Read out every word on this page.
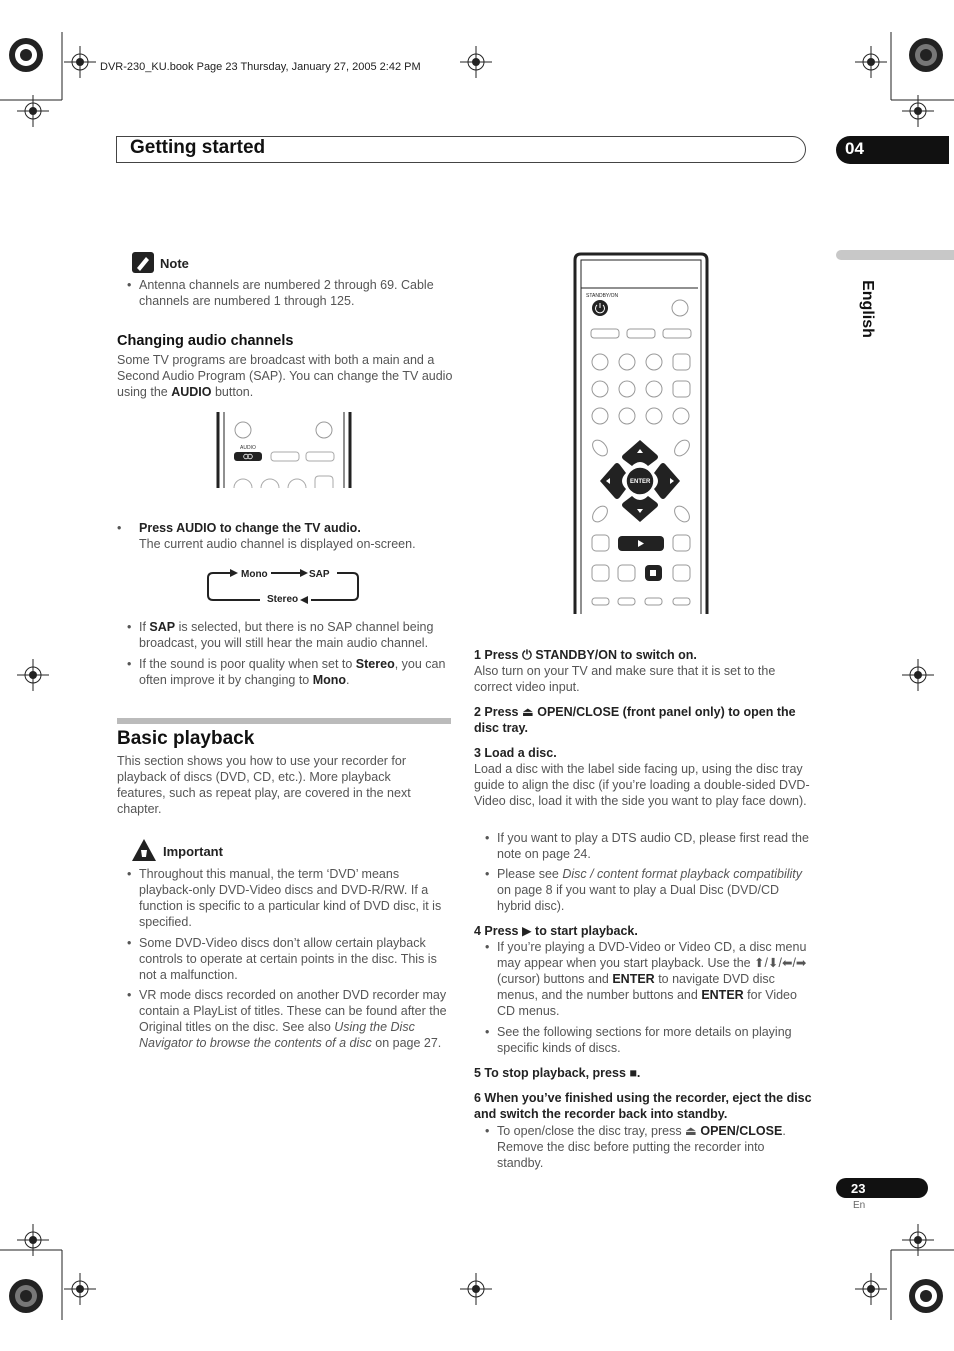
DVR-230_KU.book Page 23 Thursday, January 27, 2005 2:42 PM
Getting started	04
English
Note
• Antenna channels are numbered 2 through 69. Cable channels are numbered 1 through 125.
Changing audio channels
Some TV programs are broadcast with both a main and a Second Audio Program (SAP). You can change the TV audio using the AUDIO button.
AUDIO
• Press AUDIO to change the TV audio.
The current audio channel is displayed on-screen.
Mono	SAP
Stereo
• If SAP is selected, but there is no SAP channel being broadcast, you will still hear the main audio channel.
• If the sound is poor quality when set to Stereo, you can often improve it by changing to Mono.
Basic playback
This section shows you how to use your recorder for playback of discs (DVD, CD, etc.). More playback features, such as repeat play, are covered in the next chapter.
Important
• Throughout this manual, the term ‘DVD’ means playback-only DVD-Video discs and DVD-R/RW. If a function is specific to a particular kind of DVD disc, it is specified.
• Some DVD-Video discs don’t allow certain playback controls to operate at certain points in the disc. This is not a malfunction.
• VR mode discs recorded on another DVD recorder may contain a PlayList of titles. These can be found after the Original titles on the disc. See also Using the Disc Navigator to browse the contents of a disc on page 27.
STANDBY/ON
ENTER
1 Press ⏻ STANDBY/ON to switch on.
Also turn on your TV and make sure that it is set to the correct video input.
2 Press ⏏ OPEN/CLOSE (front panel only) to open the disc tray.
3 Load a disc.
Load a disc with the label side facing up, using the disc tray guide to align the disc (if you’re loading a double-sided DVD-Video disc, load it with the side you want to play face down).
• If you want to play a DTS audio CD, please first read the note on page 24.
• Please see Disc / content format playback compatibility on page 8 if you want to play a Dual Disc (DVD/CD hybrid disc).
4 Press ▶ to start playback.
• If you’re playing a DVD-Video or Video CD, a disc menu may appear when you start playback. Use the ⬆/⬇/⬅/➡ (cursor) buttons and ENTER to navigate DVD disc menus, and the number buttons and ENTER for Video CD menus.
• See the following sections for more details on playing specific kinds of discs.
5 To stop playback, press ■.
6 When you’ve finished using the recorder, eject the disc and switch the recorder back into standby.
• To open/close the disc tray, press ⏏ OPEN/CLOSE. Remove the disc before putting the recorder into standby.
23
En
